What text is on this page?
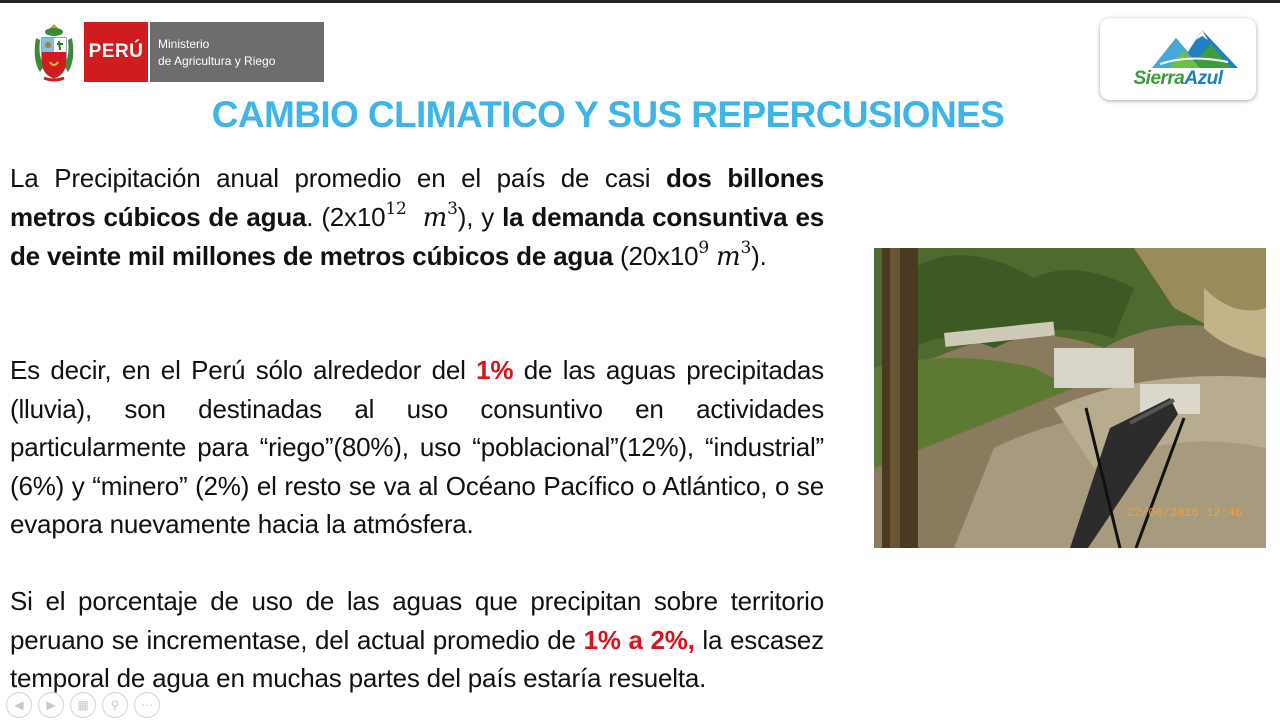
PERÚ	Ministerio
de Agricultura y Riego
SierraAzul
CAMBIO CLIMATICO Y SUS REPERCUSIONES
La Precipitación anual promedio en el país de casi dos billones metros cúbicos de agua. ($2x10^{12}$ $m^3$), y la demanda consuntiva es de veinte mil millones de metros cúbicos de agua ($20x10^9$ $m^3$).
Es decir, en el Perú sólo alrededor del 1% de las aguas precipitadas (lluvia), son destinadas al uso consuntivo en actividades particularmente para “riego”(80%), uso “poblacional”(12%), “industrial” (6%) y “minero” (2%) el resto se va al Océano Pacífico o Atlántico, o se evapora nuevamente hacia la atmósfera.
Si el porcentaje de uso de las aguas que precipitan sobre territorio peruano se incrementase, del actual promedio de 1% a 2%, la escasez temporal de agua en muchas partes del país estaría resuelta.
22/06/2016 12:46
◀	▶	▦	⚲	⋯
